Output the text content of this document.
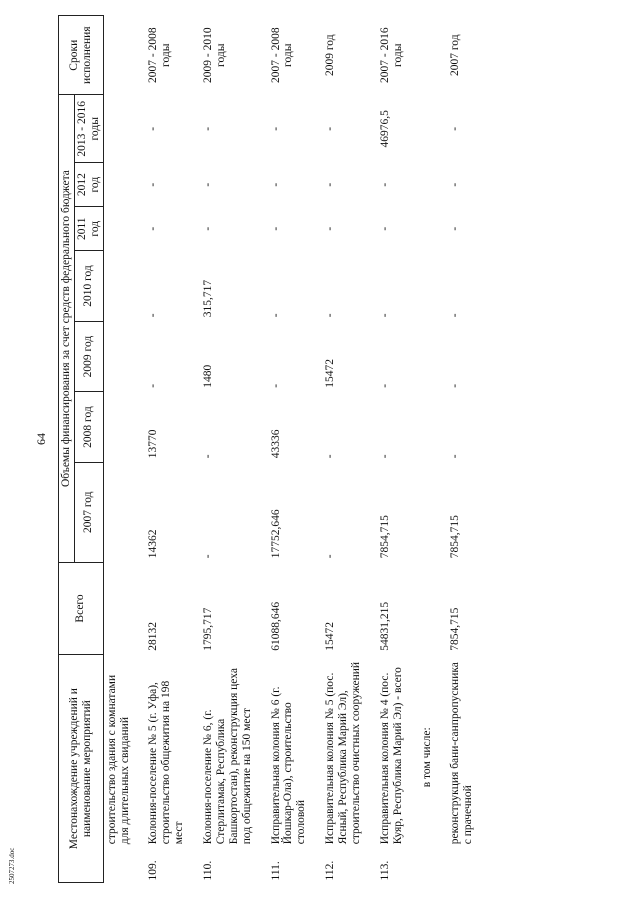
64
250727З.doc
Местонахождение учреждений и наименование мероприятий		Всего	Объемы финансирования за счет средств федерального бюджета							Сроки исполнения
			2007 год	2008 год	2009 год	2010 год	2011 год	2012 год	2013 - 2016 годы	
	строительство здания с комнатами для длительных свиданий									

109.	Колония-поселение № 5 (г. Уфа), строительство общежития на 198 мест	28132	14362	13770	-	-	-	-	-	2007 - 2008 годы

110.	Колония-поселение № 6, (г. Стерлитамак, Республика Башкортостан), реконструкция цеха под общежитие на 150 мест	1795,717	-	-	1480	315,717	-	-	-	2009 - 2010 годы

111.	Исправительная колония № 6 (г. Йошкар-Ола), строительство столовой	61088,646	17752,646	43336	-	-	-	-	-	2007 - 2008 годы

112.	Исправительная колония № 5 (пос. Ясный, Республика Марий Эл), строительство очистных сооружений	15472	-	-	15472	-	-	-	-	2009 год

113.	Исправительная колония № 4 (пос. Куяр, Республика Марий Эл) - всего	54831,215	7854,715	-	-	-	-	-	46976,5	2007 - 2016 годы

	в том числе:									

	реконструкция бани-санпропускника с прачечной	7854,715	7854,715	-	-	-	-	-	-	2007 год
